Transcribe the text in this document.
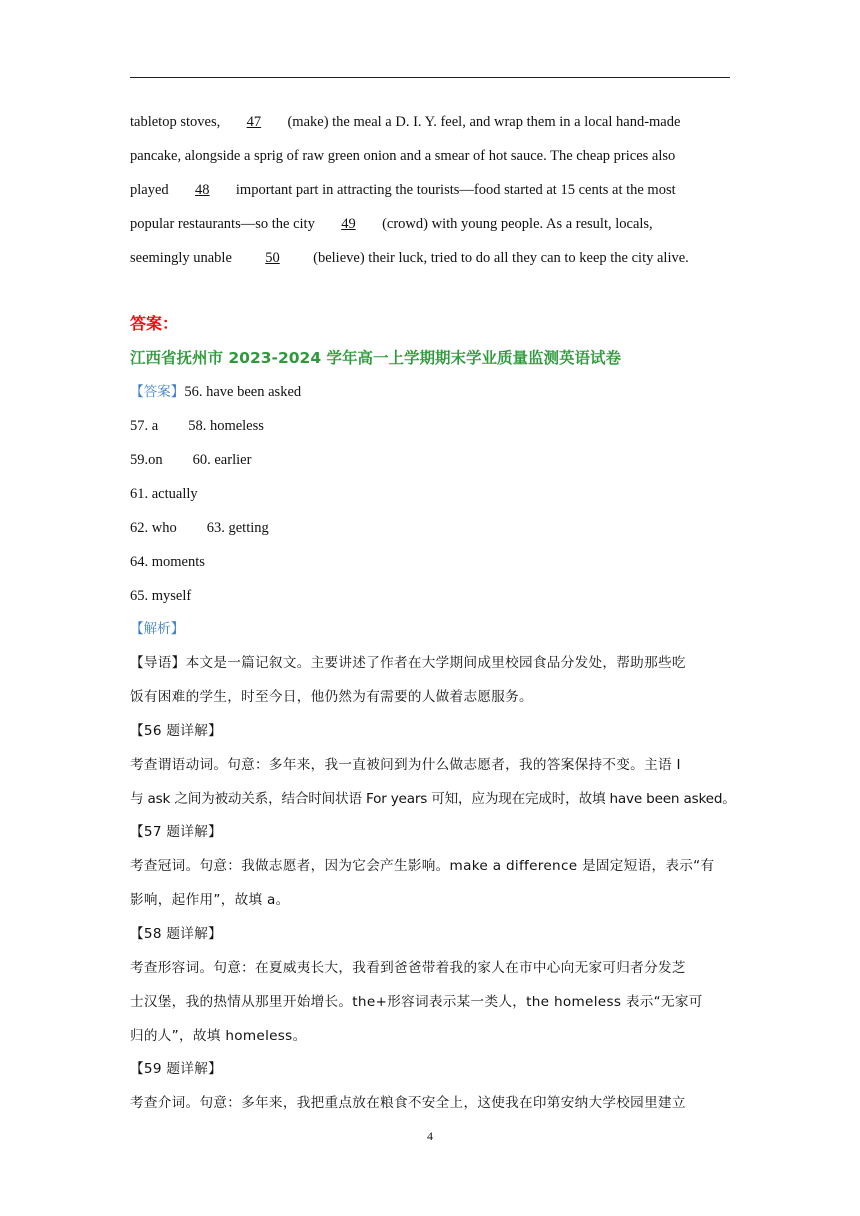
tabletop stoves, 47 (make) the meal a D. I. Y. feel, and wrap them in a local hand-made
pancake, alongside a sprig of raw green onion and a smear of hot sauce. The cheap prices also
played 48 important part in attracting the tourists—food started at 15 cents at the most
popular restaurants—so the city 49 (crowd) with young people. As a result, locals,
seemingly unable 50 (believe) their luck, tried to do all they can to keep the city alive.
答案：
江西省抚州市 2023-2024 学年高一上学期期末学业质量监测英语试卷
【答案】56. have been asked
57. a 58. homeless
59.on 60. earlier
61. actually
62. who 63. getting
64. moments
65. myself
【解析】
【导语】本文是一篇记叙文。主要讲述了作者在大学期间成里校园食品分发处，帮助那些吃
饭有困难的学生，时至今日，他仍然为有需要的人做着志愿服务。
【56 题详解】
考查谓语动词。句意：多年来，我一直被问到为什么做志愿者，我的答案保持不变。主语 I
与 ask 之间为被动关系，结合时间状语 For years 可知，应为现在完成时，故填 have been asked。
【57 题详解】
考查冠词。句意：我做志愿者，因为它会产生影响。make a difference 是固定短语，表示“有
影响，起作用”，故填 a。
【58 题详解】
考查形容词。句意：在夏威夷长大，我看到爸爸带着我的家人在市中心向无家可归者分发芝
士汉堡，我的热情从那里开始增长。the+形容词表示某一类人，the homeless 表示“无家可
归的人”，故填 homeless。
【59 题详解】
考查介词。句意：多年来，我把重点放在粮食不安全上，这使我在印第安纳大学校园里建立
4
